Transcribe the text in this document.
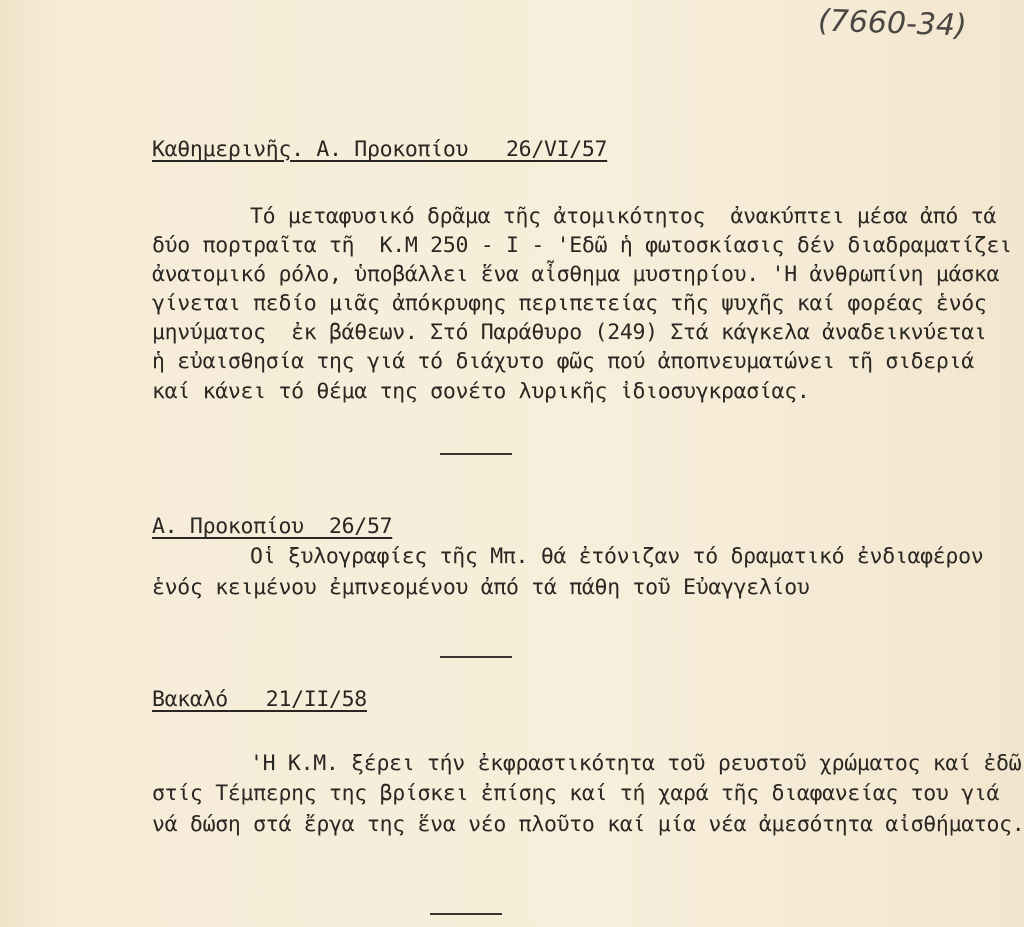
(7660-34)
Καθημερινῆς. Α. Προκοπίου   26/VI/57
Τό μεταφυσικό δρᾶμα τῆς ἀτομικότητος  ἀνακύπτει μέσα ἀπό τά
δύο πορτραῖτα τῆ  Κ.Μ 250 - Ι - 'Εδῶ ἡ φωτοσκίασις δέν διαδραματίζει
ἀνατομικό ρόλο, ὑποβάλλει ἕνα αἶσθημα μυστηρίου. 'Η ἀνθρωπίνη μάσκα
γίνεται πεδίο μιᾶς ἀπόκρυφης περιπετείας τῆς ψυχῆς καί φορέας ἑνός
μηνύματος  ἐκ βάθεων. Στό Παράθυρο (249) Στά κάγκελα ἀναδεικνύεται
ἡ εὐαισθησία της γιά τό διάχυτο φῶς πού ἀποπνευματώνει τῆ σιδεριά
καί κάνει τό θέμα της σονέτο λυρικῆς ἰδιοσυγκρασίας.
Α. Προκοπίου  26/57
Οἱ ξυλογραφίες τῆς Μπ. θά ἐτόνιζαν τό δραματικό ἐνδιαφέρον
ἑνός κειμένου ἐμπνεομένου ἀπό τά πάθη τοῦ Εὐαγγελίου
Βακαλό   21/ΙΙ/58
'Η Κ.Μ. ξέρει τήν ἐκφραστικότητα τοῦ ρευστοῦ χρώματος καί ἐδῶ
στίς Τέμπερης της βρίσκει ἐπίσης καί τή χαρά τῆς διαφανείας του γιά
νά δώση στά ἔργα της ἕνα νέο πλοῦτο καί μία νέα ἀμεσότητα αἰσθήματος.
